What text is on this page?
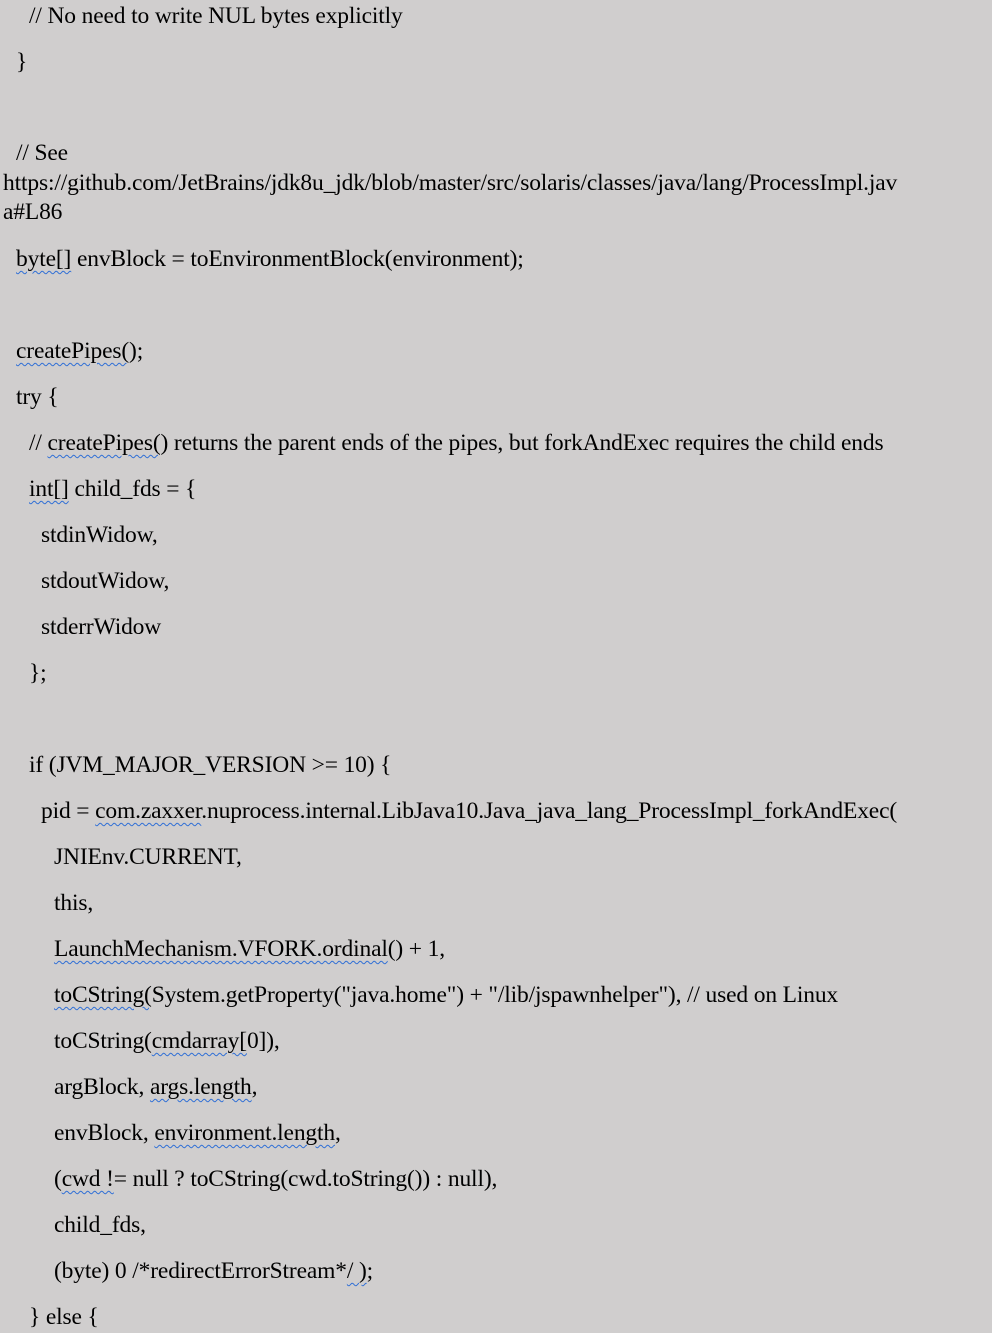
// No need to write NUL bytes explicitly
}
// See
https://github.com/JetBrains/jdk8u_jdk/blob/master/src/solaris/classes/java/lang/ProcessImpl.jav
a#L86
byte[] envBlock = toEnvironmentBlock(environment);
createPipes();
try {
// createPipes() returns the parent ends of the pipes, but forkAndExec requires the child ends
int[] child_fds = {
stdinWidow,
stdoutWidow,
stderrWidow
};
if (JVM_MAJOR_VERSION >= 10) {
pid = com.zaxxer.nuprocess.internal.LibJava10.Java_java_lang_ProcessImpl_forkAndExec(
JNIEnv.CURRENT,
this,
LaunchMechanism.VFORK.ordinal() + 1,
toCString(System.getProperty("java.home") + "/lib/jspawnhelper"), // used on Linux
toCString(cmdarray[0]),
argBlock, args.length,
envBlock, environment.length,
(cwd != null ? toCString(cwd.toString()) : null),
child_fds,
(byte) 0 /*redirectErrorStream*/ );
} else {
